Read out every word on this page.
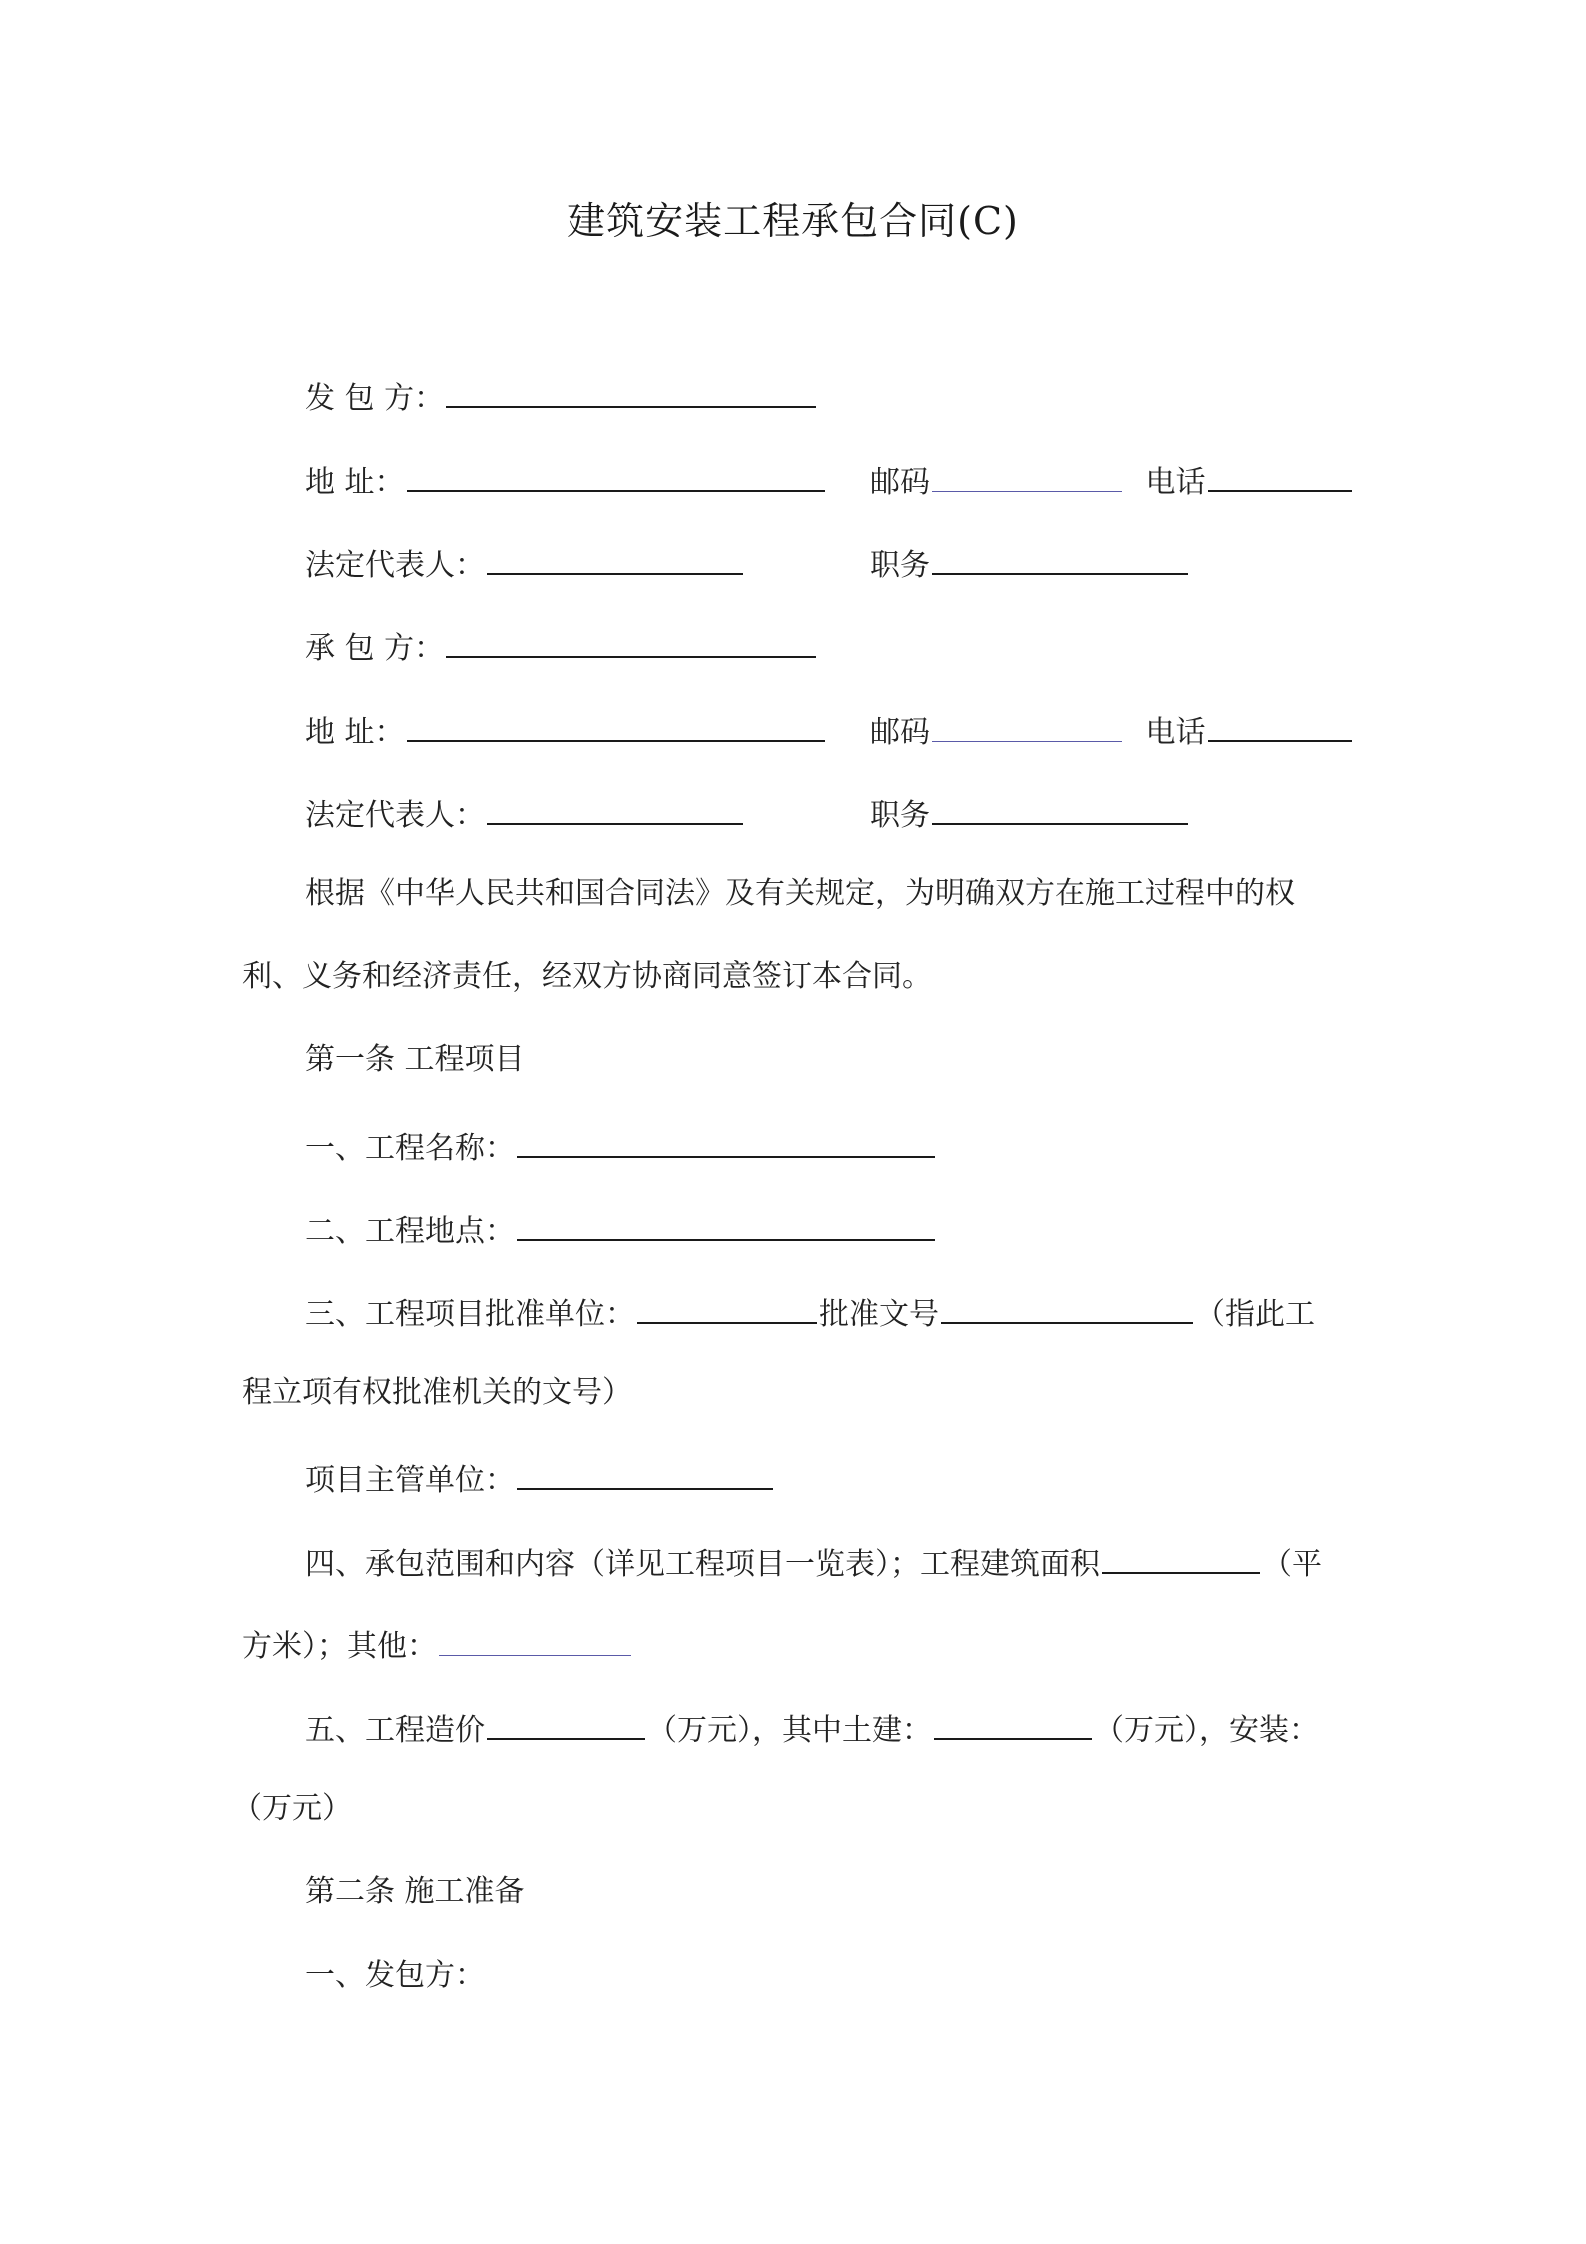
建筑安装工程承包合同(C)
发 包 方：
地 址：	邮码	电话
法定代表人：	职务
承 包 方：
地 址：	邮码	电话
法定代表人：	职务
根据《中华人民共和国合同法》及有关规定，为明确双方在施工过程中的权
利、义务和经济责任，经双方协商同意签订本合同。
第一条 工程项目
一、工程名称：
二、工程地点：
三、工程项目批准单位：	批准文号	（指此工
程立项有权批准机关的文号）
项目主管单位：
四、承包范围和内容（详见工程项目一览表）；工程建筑面积	（平
方米）；其他：
五、工程造价	（万元），其中土建：	（万元），安装：
（万元）
第二条 施工准备
一、发包方：
